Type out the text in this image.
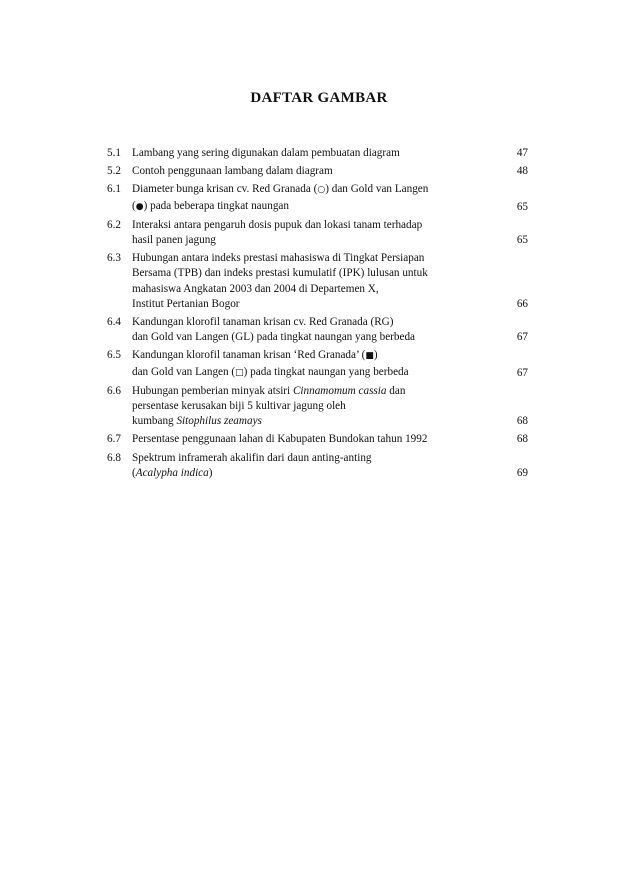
DAFTAR GAMBAR
5.1 Lambang yang sering digunakan dalam pembuatan diagram	47
5.2 Contoh penggunaan lambang dalam diagram	48
6.1 Diameter bunga krisan cv. Red Granada (○) dan Gold van Langen
(●) pada beberapa tingkat naungan	65
6.2 Interaksi antara pengaruh dosis pupuk dan lokasi tanam terhadap
hasil panen jagung	65
6.3 Hubungan antara indeks prestasi mahasiswa di Tingkat Persiapan
Bersama (TPB) dan indeks prestasi kumulatif (IPK) lulusan untuk
mahasiswa Angkatan 2003 dan 2004 di Departemen X,
Institut Pertanian Bogor	66
6.4 Kandungan klorofil tanaman krisan cv. Red Granada (RG)
dan Gold van Langen (GL) pada tingkat naungan yang berbeda	67
6.5 Kandungan klorofil tanaman krisan ‘Red Granada’ (■)
dan Gold van Langen (□) pada tingkat naungan yang berbeda	67
6.6 Hubungan pemberian minyak atsiri Cinnamomum cassia dan
persentase kerusakan biji 5 kultivar jagung oleh
kumbang Sitophilus zeamays	68
6.7 Persentase penggunaan lahan di Kabupaten Bundokan tahun 1992	68
6.8 Spektrum inframerah akalifin dari daun anting-anting
(Acalypha indica)	69
